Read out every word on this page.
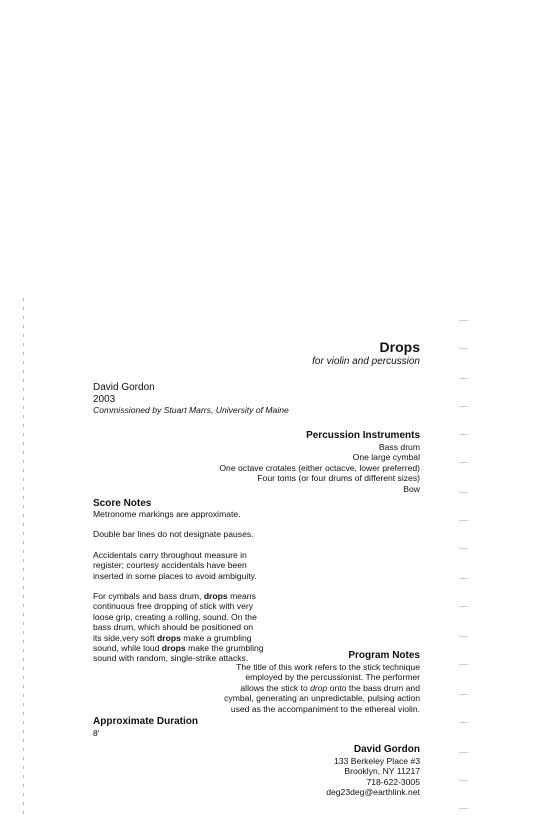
Drops
for violin and percussion
David Gordon
2003
Commissioned by Stuart Marrs, University of Maine
Percussion Instruments
Bass drum
One large cymbal
One octave crotales (either octacve, lower preferred)
Four toms (or four drums of different sizes)
Bow
Score Notes
Metronome markings are approximate.
Double bar lines do not designate pauses.
Accidentals carry throughout measure in
register; courtesy accidentals have been
inserted in some places to avoid ambiguity.
For cymbals and bass drum, drops means
continuous free dropping of stick with very
loose grip, creating a rolling, sound. On the
bass drum, which should be positioned on
its side,very soft drops make a grumbling
sound, while loud drops make the grumbling
sound with random, single-strike attacks.	Program Notes
The title of this work refers to the stick technique
employed by the percussionist. The performer
allows the stick to drop onto the bass drum and
cymbal, generating an unpredictable, pulsing action
used as the accompaniment to the ethereal violin.
Approximate Duration
8'
David Gordon
133 Berkeley Place #3
Brooklyn, NY 11217
718-622-3005
deg23deg@earthlink.net
